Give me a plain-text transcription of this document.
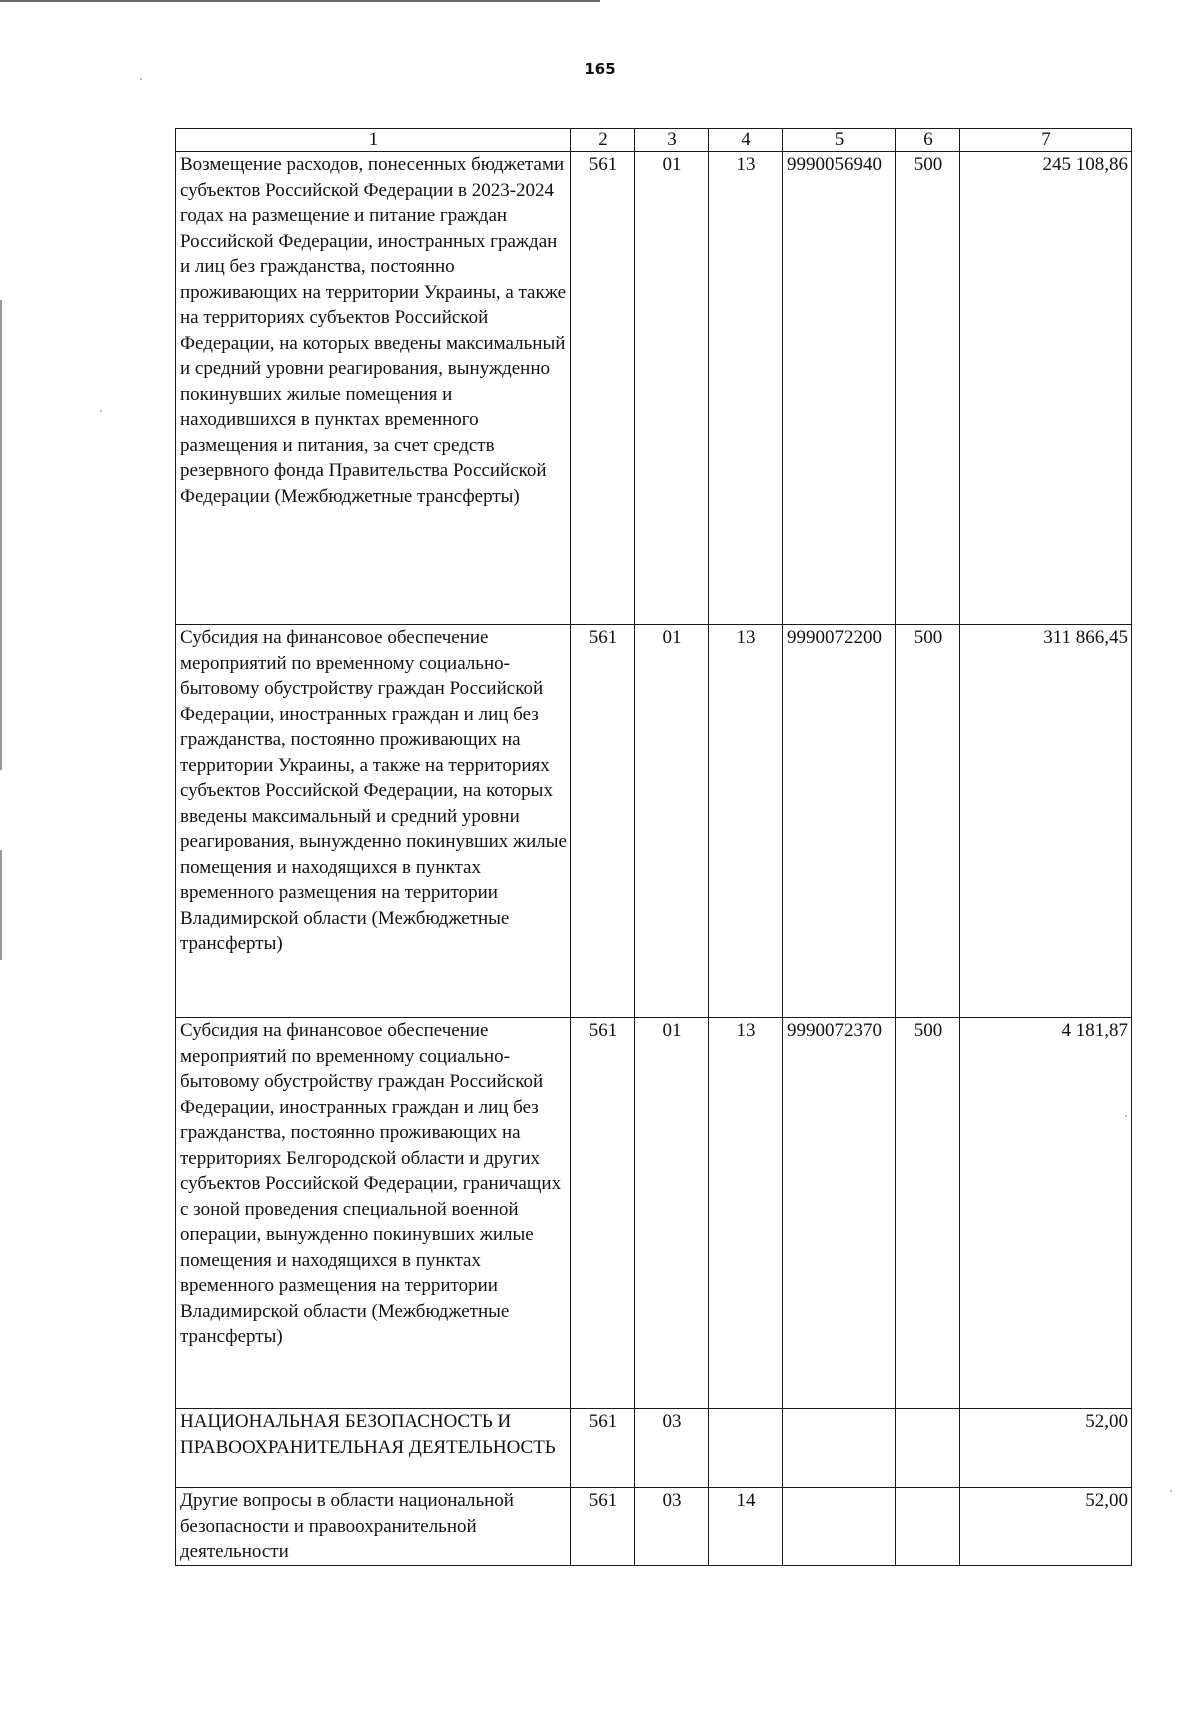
165
1	2	3	4	5	6	7
Возмещение расходов, понесенных бюджетами субъектов Российской Федерации в 2023-2024 годах на размещение и питание граждан Российской Федерации, иностранных граждан и лиц без гражданства, постоянно проживающих на территории Украины, а также на территориях субъектов Российской Федерации, на которых введены максимальный и средний уровни реагирования, вынужденно покинувших жилые помещения и находившихся в пунктах временного размещения и питания, за счет средств резервного фонда Правительства Российской Федерации (Межбюджетные трансферты)	561	01	13	9990056940	500	245 108,86
Субсидия на финансовое обеспечение мероприятий по временному социально-бытовому обустройству граждан Российской Федерации, иностранных граждан и лиц без гражданства, постоянно проживающих на территории Украины, а также на территориях субъектов Российской Федерации, на которых введены максимальный и средний уровни реагирования, вынужденно покинувших жилые помещения и находящихся в пунктах временного размещения на территории Владимирской области (Межбюджетные трансферты)	561	01	13	9990072200	500	311 866,45
Субсидия на финансовое обеспечение мероприятий по временному социально-бытовому обустройству граждан Российской Федерации, иностранных граждан и лиц без гражданства, постоянно проживающих на территориях Белгородской области и других субъектов Российской Федерации, граничащих с зоной проведения специальной военной операции, вынужденно покинувших жилые помещения и находящихся в пунктах временного размещения на территории Владимирской области (Межбюджетные трансферты)	561	01	13	9990072370	500	4 181,87
НАЦИОНАЛЬНАЯ БЕЗОПАСНОСТЬ И ПРАВООХРАНИТЕЛЬНАЯ ДЕЯТЕЛЬНОСТЬ	561	03				52,00
Другие вопросы в области национальной безопасности и правоохранительной деятельности	561	03	14			52,00
